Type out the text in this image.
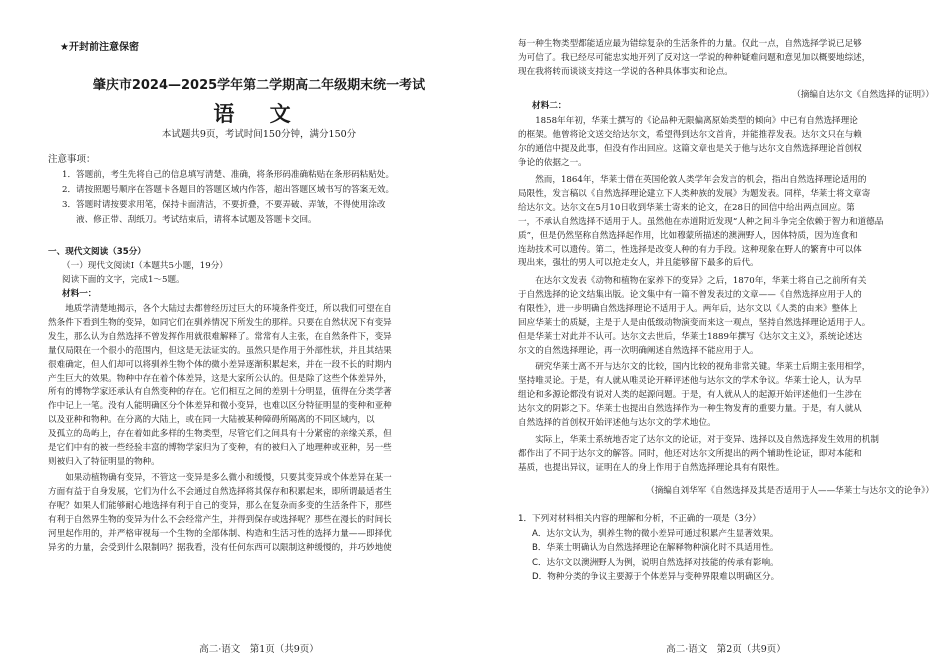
★开封前注意保密
肇庆市2024—2025学年第二学期高二年级期末统一考试
语 文
本试题共9页，考试时间150分钟，满分150分

注意事项：

1．答题前，考生先将自己的信息填写清楚、准确，将条形码准确粘贴在条形码粘贴处。

2．请按照题号顺序在答题卡各题目的答题区域内作答，超出答题区域书写的答案无效。

3．答题时请按要求用笔，保持卡面清洁，不要折叠，不要弄破、弄皱，不得使用涂改

液、修正带、刮纸刀。考试结束后，请将本试题及答题卡交回。

一、现代文阅读（35分）

（一）现代文阅读Ⅰ（本题共5小题，19分）

阅读下面的文字，完成1～5题。

材料一：

地质学清楚地揭示，各个大陆过去都曾经历过巨大的环境条件变迁，所以我们可望在自

然条件下看到生物的变异，如同它们在驯养情况下所发生的那样。只要在自然状况下有变异

发生，那么认为自然选择不曾发挥作用就很难解释了。常常有人主张，在自然条件下，变异

量仅局限在一个很小的范围内，但这是无法证实的。虽然只是作用于外部性状，并且其结果

很难确定，但人们却可以将驯养生物个体的微小差异逐渐积累起来，并在一段不长的时期内

产生巨大的效果。物种中存在着个体差异，这是大家所公认的。但是除了这些个体差异外，

所有的博物学家还承认有自然变种的存在。它们相互之间的差别十分明显，值得在分类学著

作中记上一笔。没有人能明确区分个体差异和微小变异，也难以区分特征明显的变种和亚种

以及亚种和物种。在分离的大陆上，或在同一大陆被某种障碍所隔离的不同区域内，以

及孤立的岛屿上，存在着如此多样的生物类型，尽管它们之间具有十分紧密的亲缘关系，但

是它们中有的被一些经验丰富的博物学家归为了变种，有的被归入了地理种或亚种，另一些

则被归入了特征明显的物种。

如果动植物确有变异，不管这一变异是多么微小和缓慢，只要其变异或个体差异在某一

方面有益于自身发展，它们为什么不会通过自然选择将其保存和积累起来，即所谓最适者生

存呢？如果人们能够耐心地选择有利于自己的变异，那么在复杂而多变的生活条件下，那些

有利于自然界生物的变异为什么不会经常产生，并得到保存或选择呢？那些在漫长的时间长

河里起作用的，并严格审视每一个生物的全部体制、构造和生活习性的选择力量——即择优

异劣的力量，会受到什么限制吗？据我看，没有任何东西可以限制这种缓慢的，并巧妙地使

高二·语文　第1页（共9页）

每一种生物类型都能适应最为错综复杂的生活条件的力量。仅此一点，自然选择学说已足够

为可信了。我已经尽可能忠实地开列了反对这一学说的种种疑难问题和意见加以概要地综述，

现在我将转而谈谈支持这一学说的各种具体事实和论点。

（摘编自达尔文《自然选择的证明》）

材料二：

1858年年初，华莱士撰写的《论品种无限偏离原始类型的倾向》中已有自然选择理论

的框架。他曾将论文送交给达尔文，希望得到达尔文首肯，并能推荐发表。达尔文只在与赖

尔的通信中提及此事，但没有作出回应。这篇文章也是关于他与达尔文自然选择理论首创权

争论的依据之一。

然而，1864年，华莱士借在英国伦敦人类学年会发言的机会，指出自然选择理论适用的

局限性，发言稿以《自然选择理论建立下人类种族的发展》为题发表。同样，华莱士将文章寄

给达尔文。达尔文在5月10日收到华莱士寄来的论文，在28日的回信中给出两点回应。第

一，不承认自然选择不适用于人。虽然他在赤道附近发现“人种之间斗争完全依赖于智力和道德品

质”，但是仍然坚称自然选择起作用，比如穆蒙所描述的澳洲野人，因体特质，因为连食和

连劫技术可以遗传。第二，性选择是改变人种的有力手段。这种现象在野人的繁育中可以体

现出来，强壮的男人可以抢走女人，并且能够留下最多的后代。

在达尔文发表《动物和植物在家养下的变异》之后，1870年，华莱士将自己之前所有关

于自然选择的论文结集出版。论文集中有一篇不曾发表过的文章——《自然选择应用于人的

有限性》，进一步明确自然选择理论不适用于人。两年后，达尔文以《人类的由来》整体上

回应华莱士的质疑，主是于人是由低级动物演变而来这一观点，坚持自然选择理论适用于人。

但是华莱士对此并不认可。达尔文去世后，华莱士1889年撰写《达尔文主义》，系统论述达

尔文的自然选择理论，再一次明确阐述自然选择不能应用于人。

研究华莱士离不开与达尔文的比较，国内比较的视角非常关键。华莱士后期主张用相学，

坚持唯灵论。于是，有人就从唯灵论开释评述他与达尔文的学术争议。华莱士论人，认为早

组论和多源论都没有说对人类的起源问题。于是，有人就从人的起源开始评述他们一生涉在

达尔文的阴影之下。华莱士也提出自然选择作为一种生物发育的重要力量。于是，有人就从

自然选择的首创权开始评述他与达尔文的学术地位。

实际上，华莱士系统地否定了达尔文的论证，对于变异、选择以及自然选择发生效用的机制

都作出了不同于达尔文的解答。同时，他还对达尔文所提出的两个辅助性论证，即对本能和

基质，也提出异议，证明在人的身上作用于自然选择理论具有有限性。

（摘编自刘华军《自然选择及其是否适用于人——华莱士与达尔文的论争》）

1．下列对材料相关内容的理解和分析，不正确的一项是（3分）

A．达尔文认为，驯养生物的微小差异可通过积累产生显著效果。

B．华莱士明确认为自然选择理论在解释物种演化时不具适用性。

C．达尔文以澳洲野人为例，说明自然选择对技能的传承有影响。

D．物种分类的争议主要源于个体差异与变种界限难以明确区分。

高二·语文　第2页（共9页）
